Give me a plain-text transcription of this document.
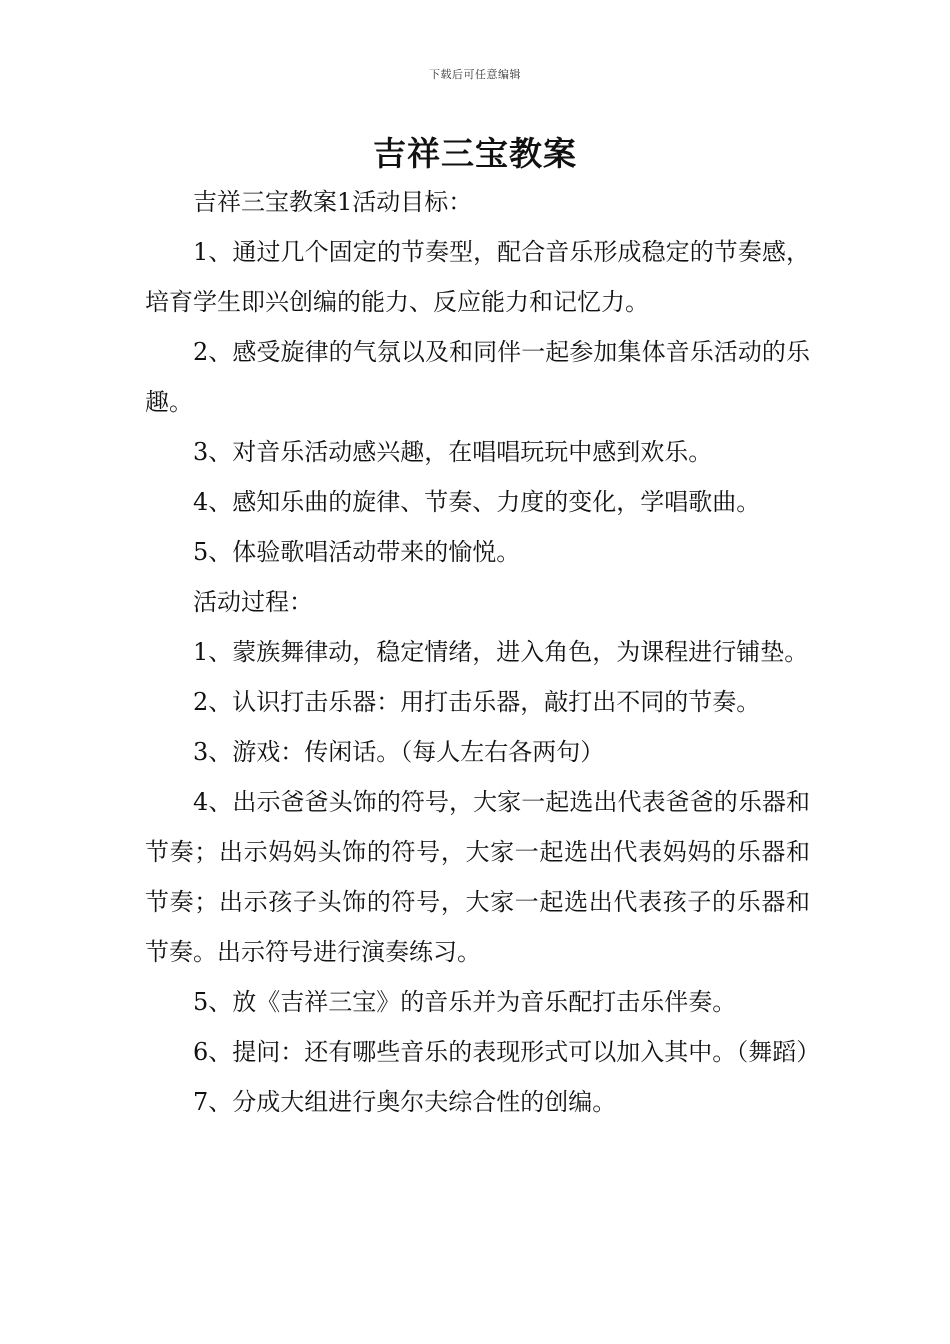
下载后可任意编辑
吉祥三宝教案

吉祥三宝教案1活动目标：

1、通过几个固定的节奏型，配合音乐形成稳定的节奏感，培育学生即兴创编的能力、反应能力和记忆力。

2、感受旋律的气氛以及和同伴一起参加集体音乐活动的乐趣。

3、对音乐活动感兴趣，在唱唱玩玩中感到欢乐。

4、感知乐曲的旋律、节奏、力度的变化，学唱歌曲。

5、体验歌唱活动带来的愉悦。

活动过程：

1、蒙族舞律动，稳定情绪，进入角色，为课程进行铺垫。

2、认识打击乐器：用打击乐器，敲打出不同的节奏。

3、游戏：传闲话。（每人左右各两句）

4、出示爸爸头饰的符号，大家一起选出代表爸爸的乐器和节奏；出示妈妈头饰的符号，大家一起选出代表妈妈的乐器和节奏；出示孩子头饰的符号，大家一起选出代表孩子的乐器和节奏。出示符号进行演奏练习。

5、放《吉祥三宝》的音乐并为音乐配打击乐伴奏。

6、提问：还有哪些音乐的表现形式可以加入其中。（舞蹈）

7、分成大组进行奥尔夫综合性的创编。
